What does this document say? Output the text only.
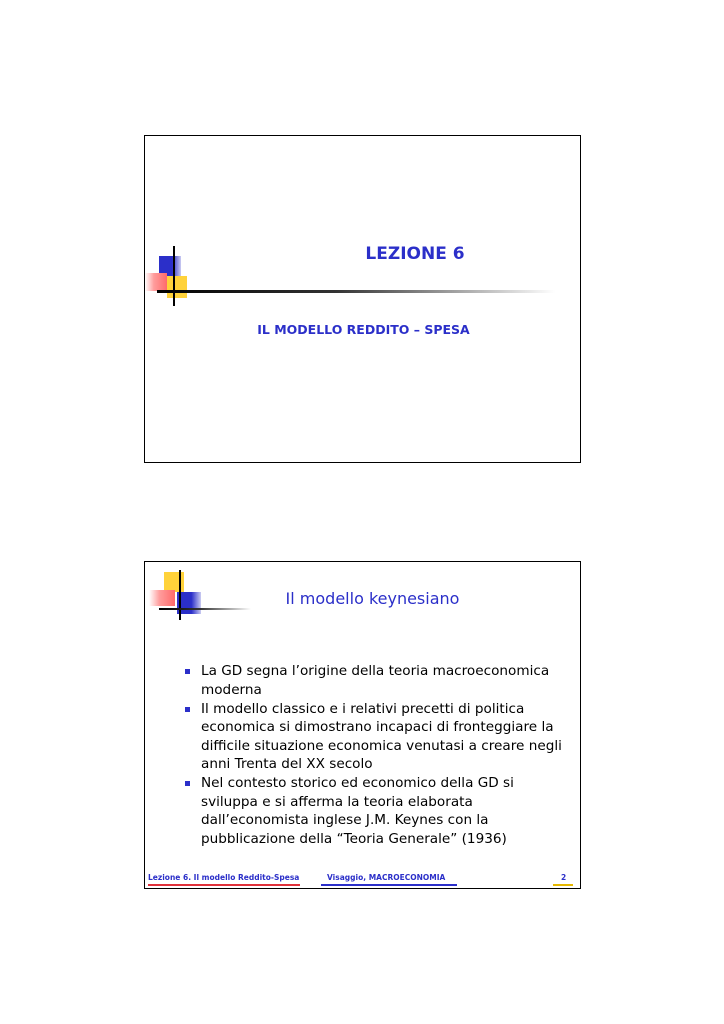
LEZIONE 6
IL MODELLO REDDITO – SPESA
Il modello keynesiano
La GD segna l’origine della teoria macroeconomica moderna
Il modello classico e i relativi precetti di politica economica si dimostrano incapaci di fronteggiare la difficile situazione economica venutasi a creare negli anni Trenta del XX secolo
Nel contesto storico ed economico della GD si sviluppa e si afferma la teoria elaborata dall’economista inglese J.M. Keynes con la pubblicazione della “Teoria Generale” (1936)
Lezione 6. Il modello Reddito-Spesa	Visaggio, MACROECONOMIA	2
